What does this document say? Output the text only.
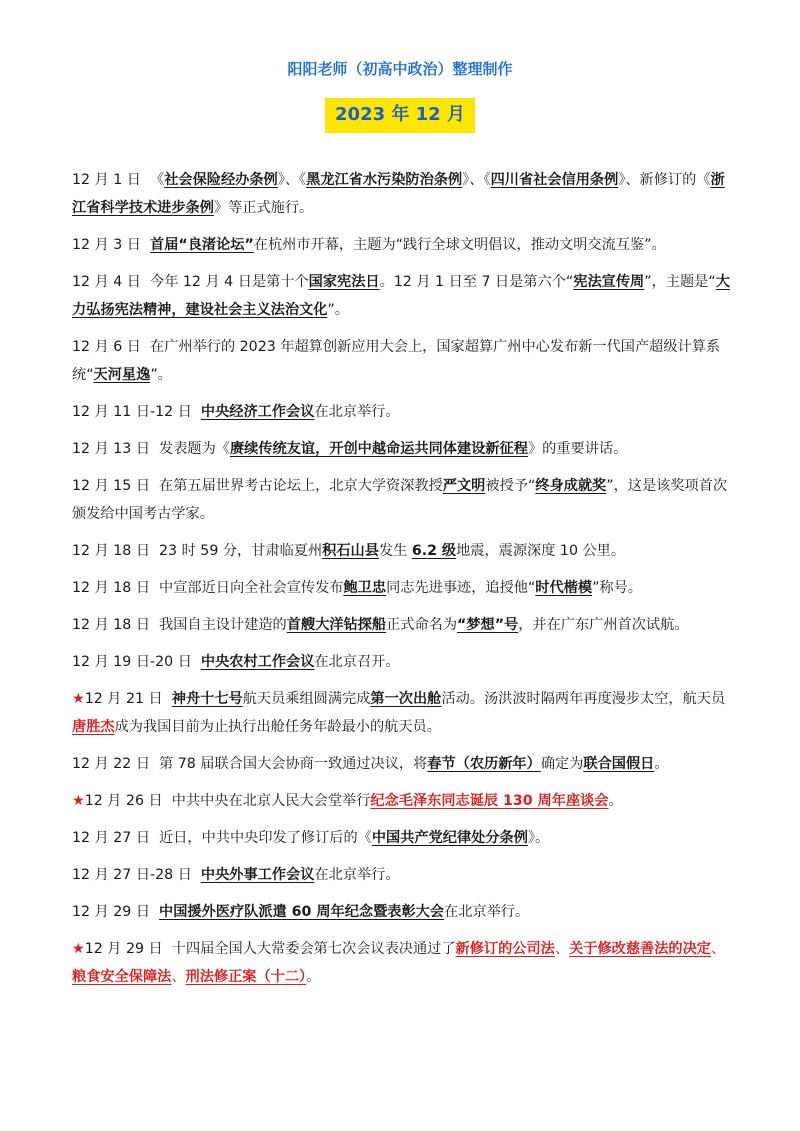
阳阳老师（初高中政治）整理制作
2023 年 12 月
12 月 1 日  《社会保险经办条例》、《黑龙江省水污染防治条例》、《四川省社会信用条例》、新修订的《浙江省科学技术进步条例》等正式施行。
12 月 3 日  首届“良渚论坛”在杭州市开幕，主题为“践行全球文明倡议，推动文明交流互鉴”。
12 月 4 日  今年 12 月 4 日是第十个国家宪法日。12 月 1 日至 7 日是第六个“宪法宣传周”，主题是“大力弘扬宪法精神，建设社会主义法治文化”。
12 月 6 日  在广州举行的 2023 年超算创新应用大会上，国家超算广州中心发布新一代国产超级计算系统“天河星逸”。
12 月 11 日-12 日  中央经济工作会议在北京举行。
12 月 13 日  发表题为《赓续传统友谊，开创中越命运共同体建设新征程》的重要讲话。
12 月 15 日  在第五届世界考古论坛上，北京大学资深教授严文明被授予“终身成就奖”，这是该奖项首次颁发给中国考古学家。
12 月 18 日  23 时 59 分，甘肃临夏州积石山县发生 6.2 级地震，震源深度 10 公里。
12 月 18 日  中宣部近日向全社会宣传发布鲍卫忠同志先进事迹，追授他“时代楷模”称号。
12 月 18 日  我国自主设计建造的首艘大洋钻探船正式命名为“梦想”号，并在广东广州首次试航。
12 月 19 日-20 日  中央农村工作会议在北京召开。
★12 月 21 日  神舟十七号航天员乘组圆满完成第一次出舱活动。汤洪波时隔两年再度漫步太空，航天员唐胜杰成为我国目前为止执行出舱任务年龄最小的航天员。
12 月 22 日  第 78 届联合国大会协商一致通过决议，将春节（农历新年）确定为联合国假日。
★12 月 26 日  中共中央在北京人民大会堂举行纪念毛泽东同志诞辰 130 周年座谈会。
12 月 27 日  近日，中共中央印发了修订后的《中国共产党纪律处分条例》。
12 月 27 日-28 日  中央外事工作会议在北京举行。
12 月 29 日  中国援外医疗队派遣 60 周年纪念暨表彰大会在北京举行。
★12 月 29 日  十四届全国人大常委会第七次会议表决通过了新修订的公司法、关于修改慈善法的决定、粮食安全保障法、刑法修正案（十二）。
